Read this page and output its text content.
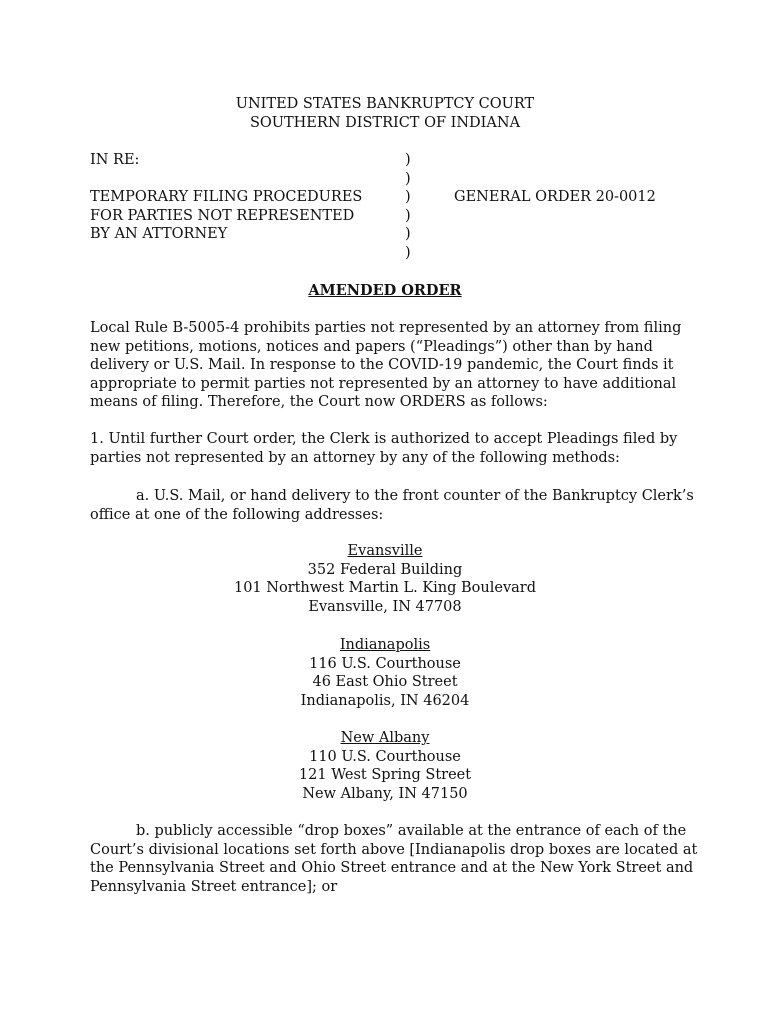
UNITED STATES BANKRUPTCY COURT
SOUTHERN DISTRICT OF INDIANA
IN RE:

TEMPORARY FILING PROCEDURES
FOR PARTIES NOT REPRESENTED
BY AN ATTORNEY
)
)
)
)
)
)
GENERAL ORDER 20-0012
AMENDED ORDER
Local Rule B-5005-4 prohibits parties not represented by an attorney from filing
new petitions, motions, notices and papers (“Pleadings”) other than by hand
delivery or U.S. Mail. In response to the COVID-19 pandemic, the Court finds it
appropriate to permit parties not represented by an attorney to have additional
means of filing. Therefore, the Court now ORDERS as follows:
1. Until further Court order, the Clerk is authorized to accept Pleadings filed by
parties not represented by an attorney by any of the following methods:
a. U.S. Mail, or hand delivery to the front counter of the Bankruptcy Clerk’s
office at one of the following addresses:
Evansville
352 Federal Building
101 Northwest Martin L. King Boulevard
Evansville, IN 47708
Indianapolis
116 U.S. Courthouse
46 East Ohio Street
Indianapolis, IN 46204
New Albany
110 U.S. Courthouse
121 West Spring Street
New Albany, IN 47150
b. publicly accessible “drop boxes” available at the entrance of each of the
Court’s divisional locations set forth above [Indianapolis drop boxes are located at
the Pennsylvania Street and Ohio Street entrance and at the New York Street and
Pennsylvania Street entrance]; or
